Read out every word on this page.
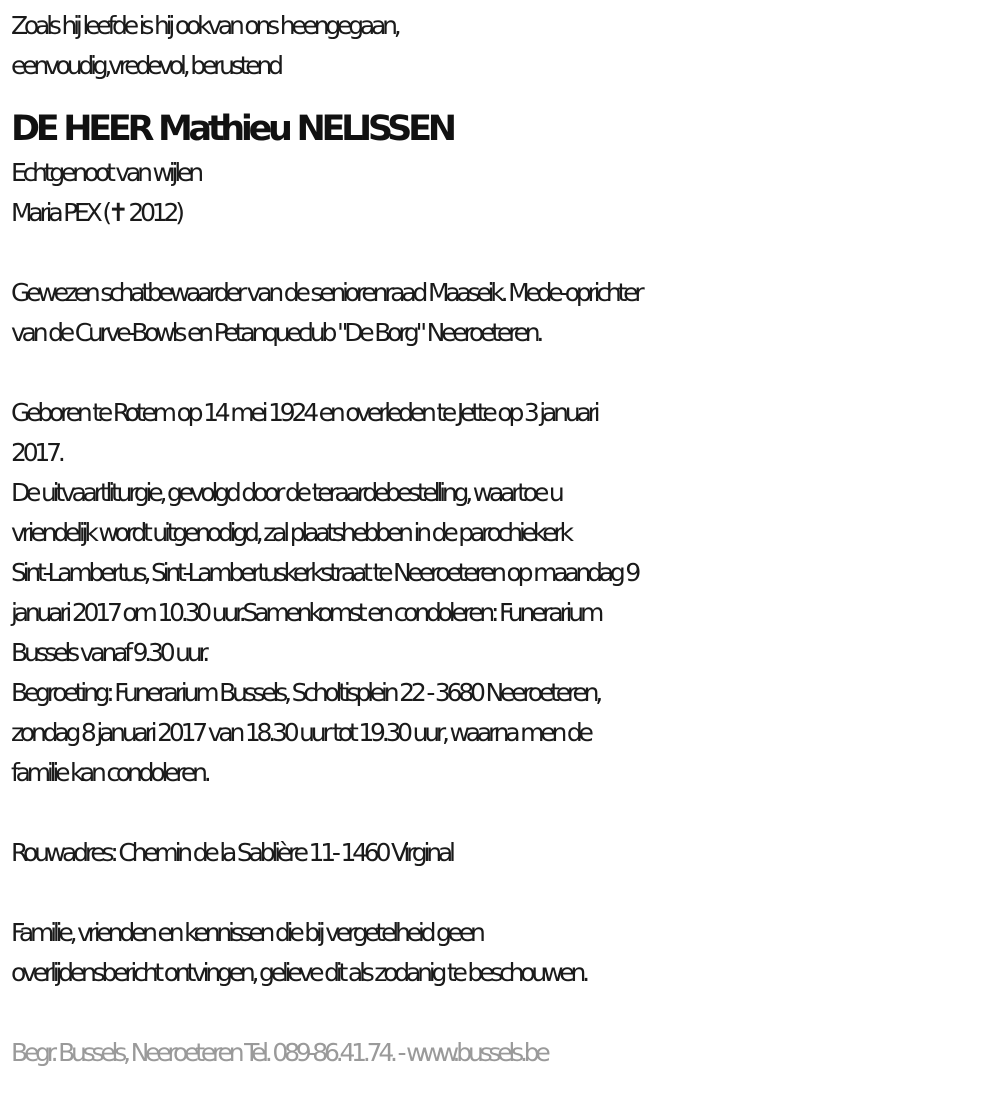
Zoals hij leefde is hij ookvan ons heengegaan,
eenvoudig,vredevol, berustend
DE HEER Mathieu NELISSEN
Echtgenoot van wijlen
Maria PEX (✝ 2012)
Gewezen schatbewaarder van de seniorenraad Maaseik. Mede-oprichter
van de Curve-Bowls en Petanqueclub "De Borg" Neeroeteren.
Geboren te Rotem op 14 mei 1924 en overleden te Jette op 3 januari
2017.
De uitvaartliturgie, gevolgd door de teraardebestelling, waartoe u
vriendelijk wordt uitgenodigd, zal plaatshebben in de parochiekerk
Sint-Lambertus, Sint-Lambertuskerkstraat te Neeroeteren op maandag 9
januari 2017 om 10.30 uur.Samenkomst en condoleren: Funerarium
Bussels vanaf 9.30 uur.
Begroeting: Funerarium Bussels, Scholtisplein 22 - 3680 Neeroeteren,
zondag 8 januari 2017 van 18.30 uur tot 19.30 uur, waarna men de
familie kan condoleren.
Rouwadres: Chemin de la Sablière 11- 1460 Virginal
Familie, vrienden en kennissen die bij vergetelheid geen
overlijdensbericht ontvingen, gelieve dit als zodanig te beschouwen.
Begr. Bussels, Neeroeteren Tel. 089-86.41.74. - www.bussels.be
